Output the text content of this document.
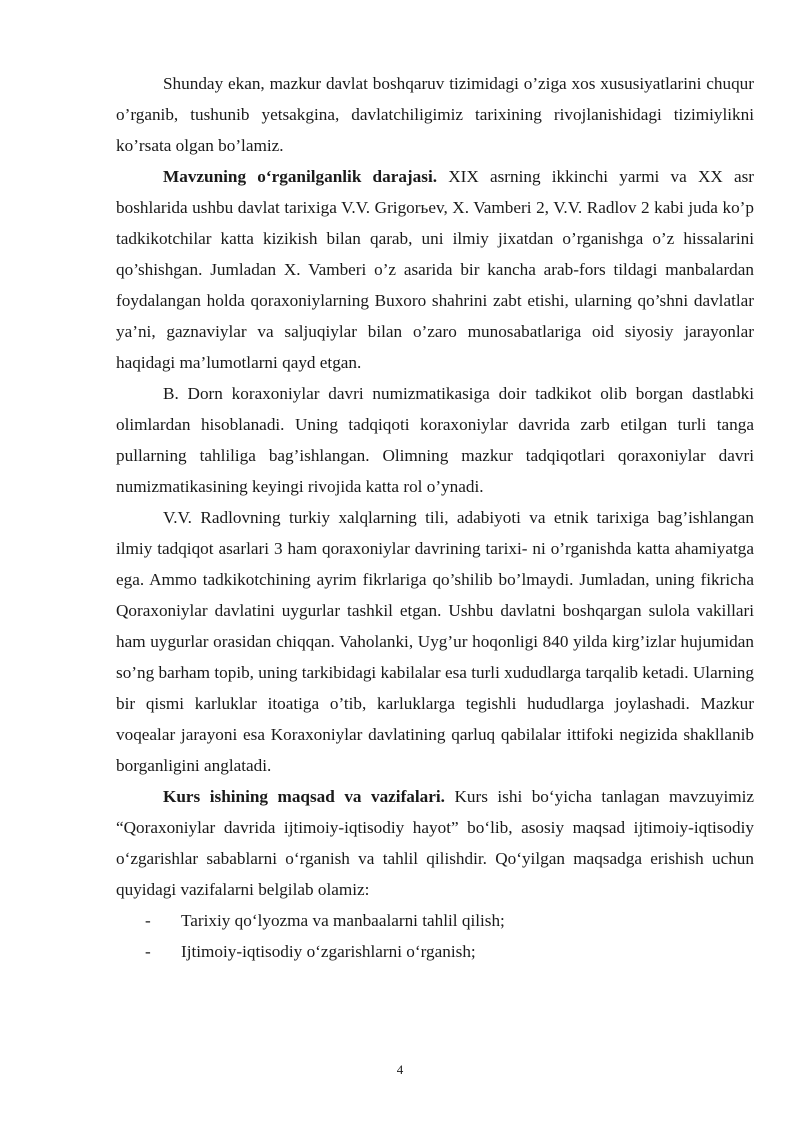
Shunday ekan, mazkur davlat boshqaruv tizimidagi o’ziga xos xususiyatlarini chuqur o’rganib, tushunib yetsakgina, davlatchiligimiz tarixining rivojlanishidagi tizimiylikni ko’rsata olgan bo’lamiz.

Mavzuning o‘rganilganlik darajasi. XIX asrning ikkinchi yarmi va XX asr boshlarida ushbu davlat tarixiga V.V. Grigorьev, X. Vamberi 2, V.V. Radlov 2 kabi juda ko’p tadkikotchilar katta kizikish bilan qarab, uni ilmiy jixatdan o’rganishga o’z hissalarini qo’shishgan. Jumladan X. Vamberi o’z asarida bir kancha arab-fors tildagi manbalardan foydalangan holda qoraxoniylarning Buxoro shahrini zabt etishi, ularning qo’shni davlatlar ya’ni, gaznaviylar va saljuqiylar bilan o’zaro munosabatlariga oid siyosiy jarayonlar haqidagi ma’lumotlarni qayd etgan.

B. Dorn koraxoniylar davri numizmatikasiga doir tadkikot olib borgan dastlabki olimlardan hisoblanadi. Uning tadqiqoti koraxoniylar davrida zarb etilgan turli tanga pullarning tahliliga bag’ishlangan. Olimning mazkur tadqiqotlari qoraxoniylar davri numizmatikasining keyingi rivojida katta rol o’ynadi.

V.V. Radlovning turkiy xalqlarning tili, adabiyoti va etnik tarixiga bag’ishlangan ilmiy tadqiqot asarlari 3 ham qoraxoniylar davrining tarixi- ni o’rganishda katta ahamiyatga ega. Ammo tadkikotchining ayrim fikrlariga qo’shilib bo’lmaydi. Jumladan, uning fikricha Qoraxoniylar davlatini uygurlar tashkil etgan. Ushbu davlatni boshqargan sulola vakillari ham uygurlar orasidan chiqqan. Vaholanki, Uyg’ur hoqonligi 840 yilda kirg’izlar hujumidan so’ng barham topib, uning tarkibidagi kabilalar esa turli xududlarga tarqalib ketadi. Ularning bir qismi karluklar itoatiga o’tib, karluklarga tegishli hududlarga joylashadi. Mazkur voqealar jarayoni esa Koraxoniylar davlatining qarluq qabilalar ittifoki negizida shakllanib borganligini anglatadi.

Kurs ishining maqsad va vazifalari. Kurs ishi bo‘yicha tanlagan mavzuyimiz “Qoraxoniylar davrida ijtimoiy-iqtisodiy hayot” bo‘lib, asosiy maqsad ijtimoiy-iqtisodiy o‘zgarishlar sabablarni o‘rganish va tahlil qilishdir. Qo‘yilgan maqsadga erishish uchun quyidagi vazifalarni belgilab olamiz:

- Tarixiy qo‘lyozma va manbaalarni tahlil qilish;
- Ijtimoiy-iqtisodiy o‘zgarishlarni o‘rganish;
4
